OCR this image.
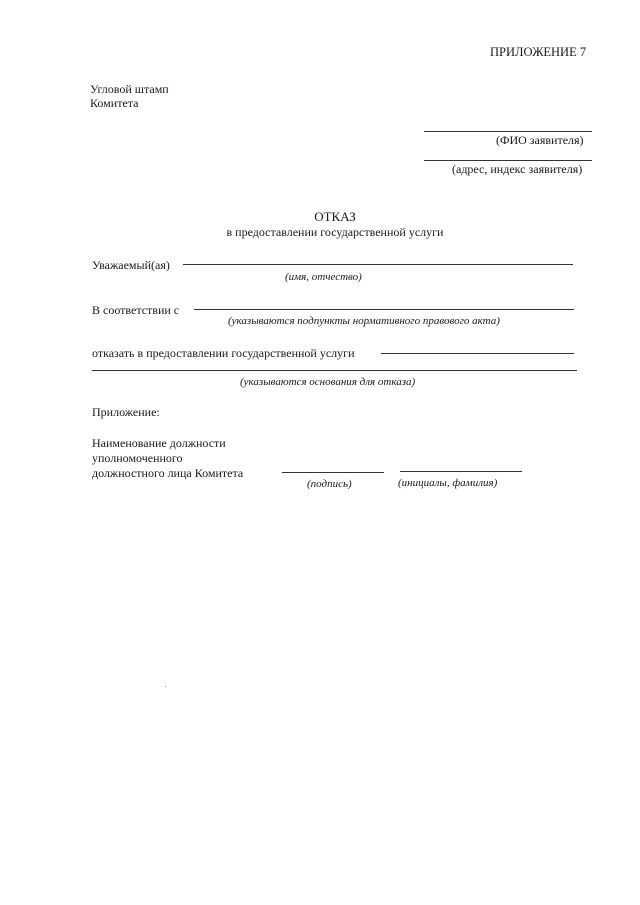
ПРИЛОЖЕНИЕ 7
Угловой штамп
Комитета
(ФИО заявителя)
(адрес, индекс заявителя)
ОТКАЗ
в предоставлении государственной услуги
Уважаемый(ая)
(имя, отчество)
В соответствии с
(указываются подпункты нормативного правового акта)
отказать в предоставлении государственной услуги
(указываются основания для отказа)
Приложение:
Наименование должности
уполномоченного
должностного лица Комитета
(подпись)	(инициалы, фамилия)
